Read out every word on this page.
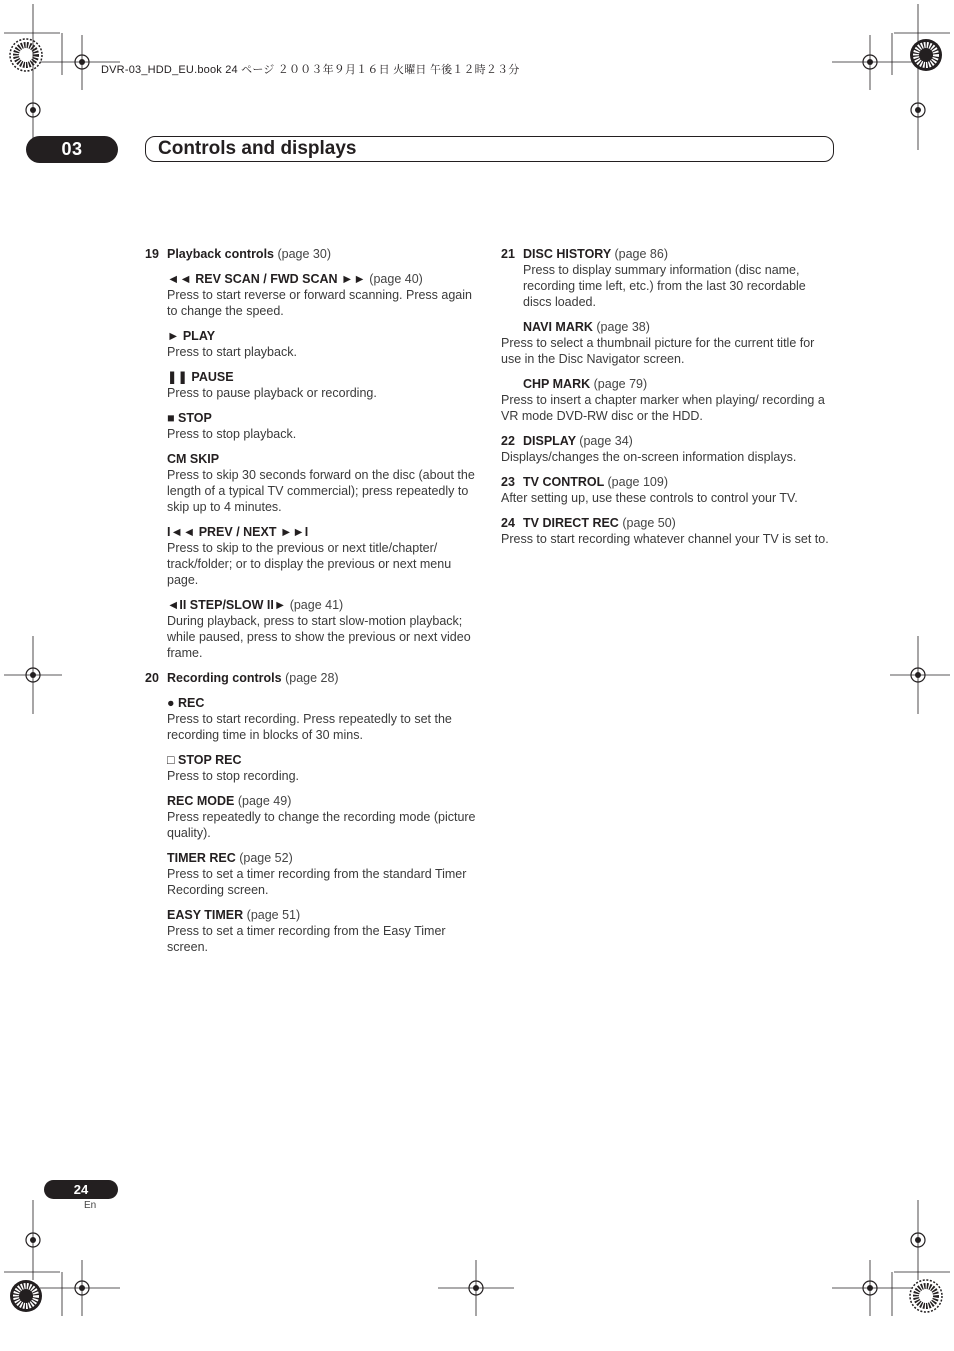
DVR-03_HDD_EU.book 24 ページ ２００３年９月１６日 火曜日 午後１２時２３分
03	Controls and displays
19 Playback controls (page 30)
◄◄ REV SCAN / FWD SCAN ►► (page 40)
Press to start reverse or forward scanning. Press again to change the speed.
► PLAY
Press to start playback.
❚❚ PAUSE
Press to pause playback or recording.
■ STOP
Press to stop playback.
CM SKIP
Press to skip 30 seconds forward on the disc (about the length of a typical TV commercial); press repeatedly to skip up to 4 minutes.
I◄◄ PREV / NEXT ►►I
Press to skip to the previous or next title/chapter/ track/folder; or to display the previous or next menu page.
◄II STEP/SLOW II► (page 41)
During playback, press to start slow-motion playback; while paused, press to show the previous or next video frame.
20 Recording controls (page 28)
● REC
Press to start recording. Press repeatedly to set the recording time in blocks of 30 mins.
□ STOP REC
Press to stop recording.
REC MODE (page 49)
Press repeatedly to change the recording mode (picture quality).
TIMER REC (page 52)
Press to set a timer recording from the standard Timer Recording screen.
EASY TIMER (page 51)
Press to set a timer recording from the Easy Timer screen.
21 DISC HISTORY (page 86)
Press to display summary information (disc name, recording time left, etc.) from the last 30 recordable discs loaded.
NAVI MARK (page 38)
Press to select a thumbnail picture for the current title for use in the Disc Navigator screen.
CHP MARK (page 79)
Press to insert a chapter marker when playing/ recording a VR mode DVD-RW disc or the HDD.
22 DISPLAY (page 34)
Displays/changes the on-screen information displays.
23 TV CONTROL (page 109)
After setting up, use these controls to control your TV.
24 TV DIRECT REC (page 50)
Press to start recording whatever channel your TV is set to.
24
En
